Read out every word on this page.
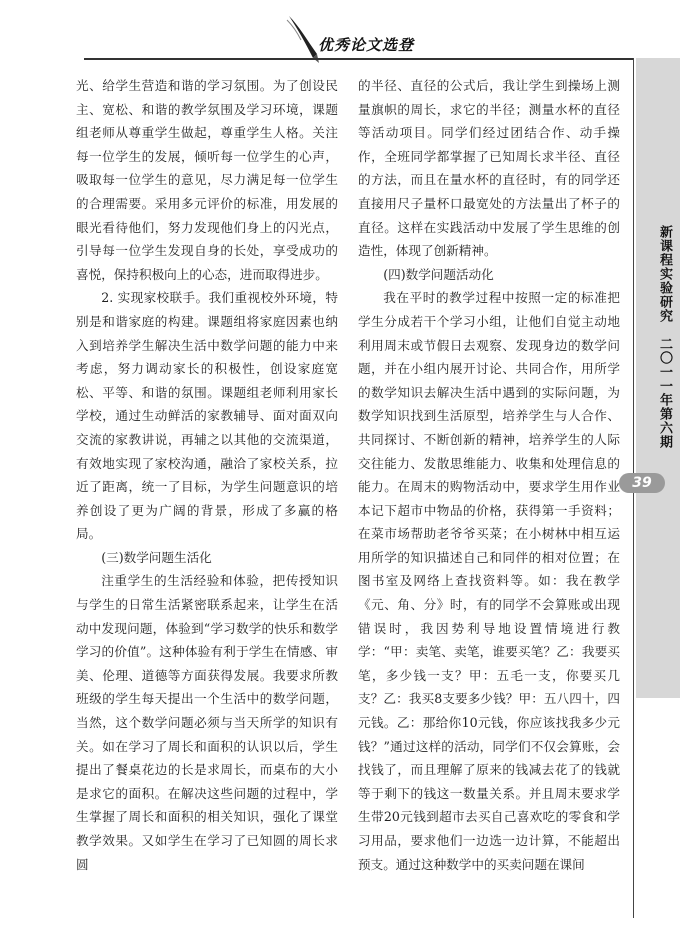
优秀论文选登
新课程实验研究　二〇一一年第六期
39

光、给学生营造和谐的学习氛围。为了创设民主、宽松、和谐的教学氛围及学习环境，课题组老师从尊重学生做起，尊重学生人格。关注每一位学生的发展，倾听每一位学生的心声，吸取每一位学生的意见，尽力满足每一位学生的合理需要。采用多元评价的标准，用发展的眼光看待他们，努力发现他们身上的闪光点，引导每一位学生发现自身的长处，享受成功的喜悦，保持积极向上的心态，进而取得进步。

2. 实现家校联手。我们重视校外环境，特别是和谐家庭的构建。课题组将家庭因素也纳入到培养学生解决生活中数学问题的能力中来考虑，努力调动家长的积极性，创设家庭宽松、平等、和谐的氛围。课题组老师利用家长学校，通过生动鲜活的家教辅导、面对面双向交流的家教讲说，再辅之以其他的交流渠道，有效地实现了家校沟通，融洽了家校关系，拉近了距离，统一了目标，为学生问题意识的培养创设了更为广阔的背景，形成了多赢的格局。

(三)数学问题生活化

注重学生的生活经验和体验，把传授知识与学生的日常生活紧密联系起来，让学生在活动中发现问题，体验到“学习数学的快乐和数学学习的价值”。这种体验有利于学生在情感、审美、伦理、道德等方面获得发展。我要求所教班级的学生每天提出一个生活中的数学问题，当然，这个数学问题必须与当天所学的知识有关。如在学习了周长和面积的认识以后，学生提出了餐桌花边的长是求周长，而桌布的大小是求它的面积。在解决这些问题的过程中，学生掌握了周长和面积的相关知识，强化了课堂教学效果。又如学生在学习了已知圆的周长求圆

的半径、直径的公式后，我让学生到操场上测量旗帜的周长，求它的半径；测量水杯的直径等活动项目。同学们经过团结合作、动手操作，全班同学都掌握了已知周长求半径、直径的方法，而且在量水杯的直径时，有的同学还直接用尺子量杯口最宽处的方法量出了杯子的直径。这样在实践活动中发展了学生思维的创造性，体现了创新精神。

(四)数学问题活动化

我在平时的教学过程中按照一定的标准把学生分成若干个学习小组，让他们自觉主动地利用周末或节假日去观察、发现身边的数学问题，并在小组内展开讨论、共同合作，用所学的数学知识去解决生活中遇到的实际问题，为数学知识找到生活原型，培养学生与人合作、共同探讨、不断创新的精神，培养学生的人际交往能力、发散思维能力、收集和处理信息的能力。在周末的购物活动中，要求学生用作业本记下超市中物品的价格，获得第一手资料；在菜市场帮助老爷爷买菜；在小树林中相互运用所学的知识描述自己和同伴的相对位置；在图书室及网络上查找资料等。如：我在教学《元、角、分》时，有的同学不会算账或出现错误时，我因势利导地设置情境进行教学：“甲：卖笔、卖笔，谁要买笔？乙：我要买笔，多少钱一支？甲：五毛一支，你要买几支？乙：我买8支要多少钱？甲：五八四十，四元钱。乙：那给你10元钱，你应该找我多少元钱？”通过这样的活动，同学们不仅会算账，会找钱了，而且理解了原来的钱减去花了的钱就等于剩下的钱这一数量关系。并且周末要求学生带20元钱到超市去买自己喜欢吃的零食和学习用品，要求他们一边选一边计算，不能超出预支。通过这种数学中的买卖问题在课间
